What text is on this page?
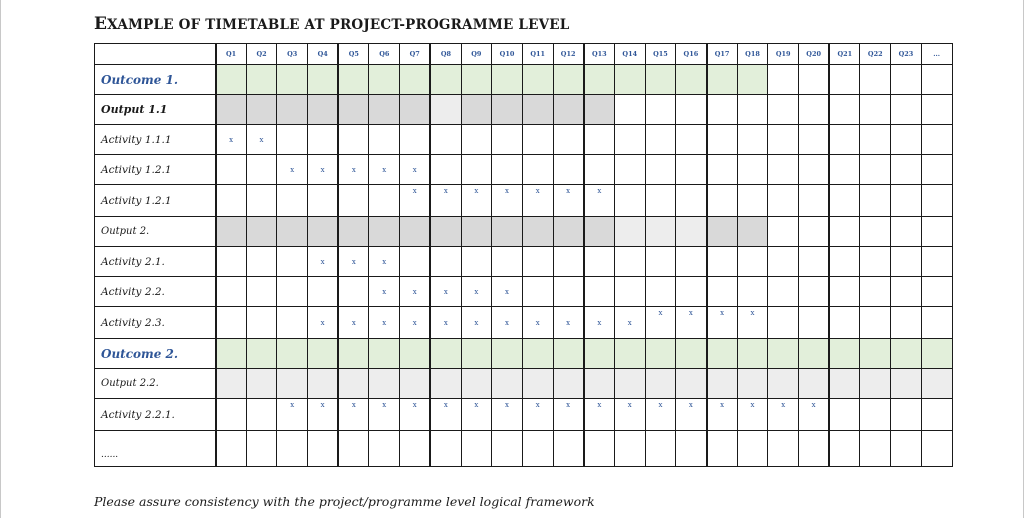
EXAMPLE OF TIMETABLE AT PROJECT-PROGRAMME LEVEL
	Q1	Q2	Q3	Q4	Q5	Q6	Q7	Q8	Q9	Q10	Q11	Q12	Q13	Q14	Q15	Q16	Q17	Q18	Q19	Q20	Q21	Q22	Q23	...
Outcome 1.																								
Output 1.1																								
Activity 1.1.1	x	x																						
Activity 1.2.1			x	x	x	x	x																	
Activity 1.2.1							x	x	x	x	x	x	x											
Output 2.																								
Activity 2.1.				x	x	x																		
Activity 2.2.						x	x	x	x	x														
Activity 2.3.				x	x	x	x	x	x	x	x	x	x	x	x	x	x	x						
Outcome 2.																								
Output 2.2.																								
Activity 2.2.1.			x	x	x	x	x	x	x	x	x	x	x	x	x	x	x	x	x	x				
......																								
Please assure consistency with the project/programme level logical framework
